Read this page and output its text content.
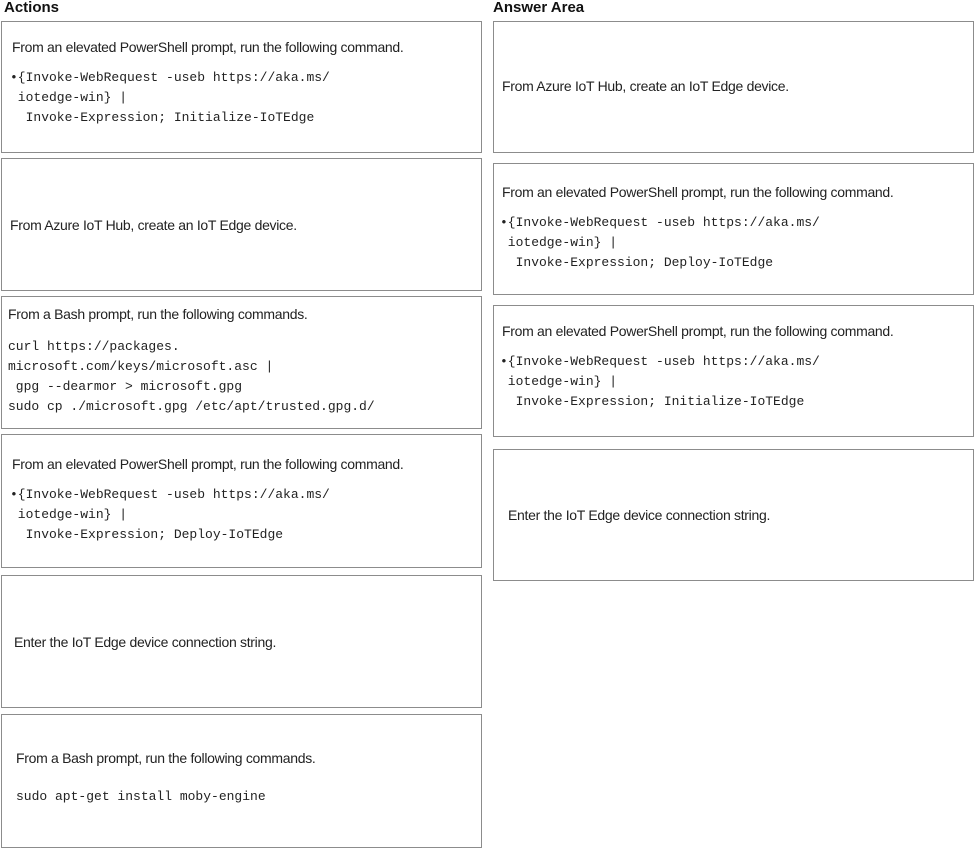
Actions	Answer Area
From an elevated PowerShell prompt, run the following command.
•{Invoke-WebRequest -useb https://aka.ms/
iotedge-win} |
Invoke-Expression; Initialize-IoTEdge
From Azure IoT Hub, create an IoT Edge device.
From a Bash prompt, run the following commands.
curl https://packages.
microsoft.com/keys/microsoft.asc |
gpg --dearmor > microsoft.gpg
sudo cp ./microsoft.gpg /etc/apt/trusted.gpg.d/
From an elevated PowerShell prompt, run the following command.
•{Invoke-WebRequest -useb https://aka.ms/
iotedge-win} |
Invoke-Expression; Deploy-IoTEdge
Enter the IoT Edge device connection string.
From a Bash prompt, run the following commands.
sudo apt-get install moby-engine
From Azure IoT Hub, create an IoT Edge device.
From an elevated PowerShell prompt, run the following command.
•{Invoke-WebRequest -useb https://aka.ms/
iotedge-win} |
Invoke-Expression; Deploy-IoTEdge
From an elevated PowerShell prompt, run the following command.
•{Invoke-WebRequest -useb https://aka.ms/
iotedge-win} |
Invoke-Expression; Initialize-IoTEdge
Enter the IoT Edge device connection string.
